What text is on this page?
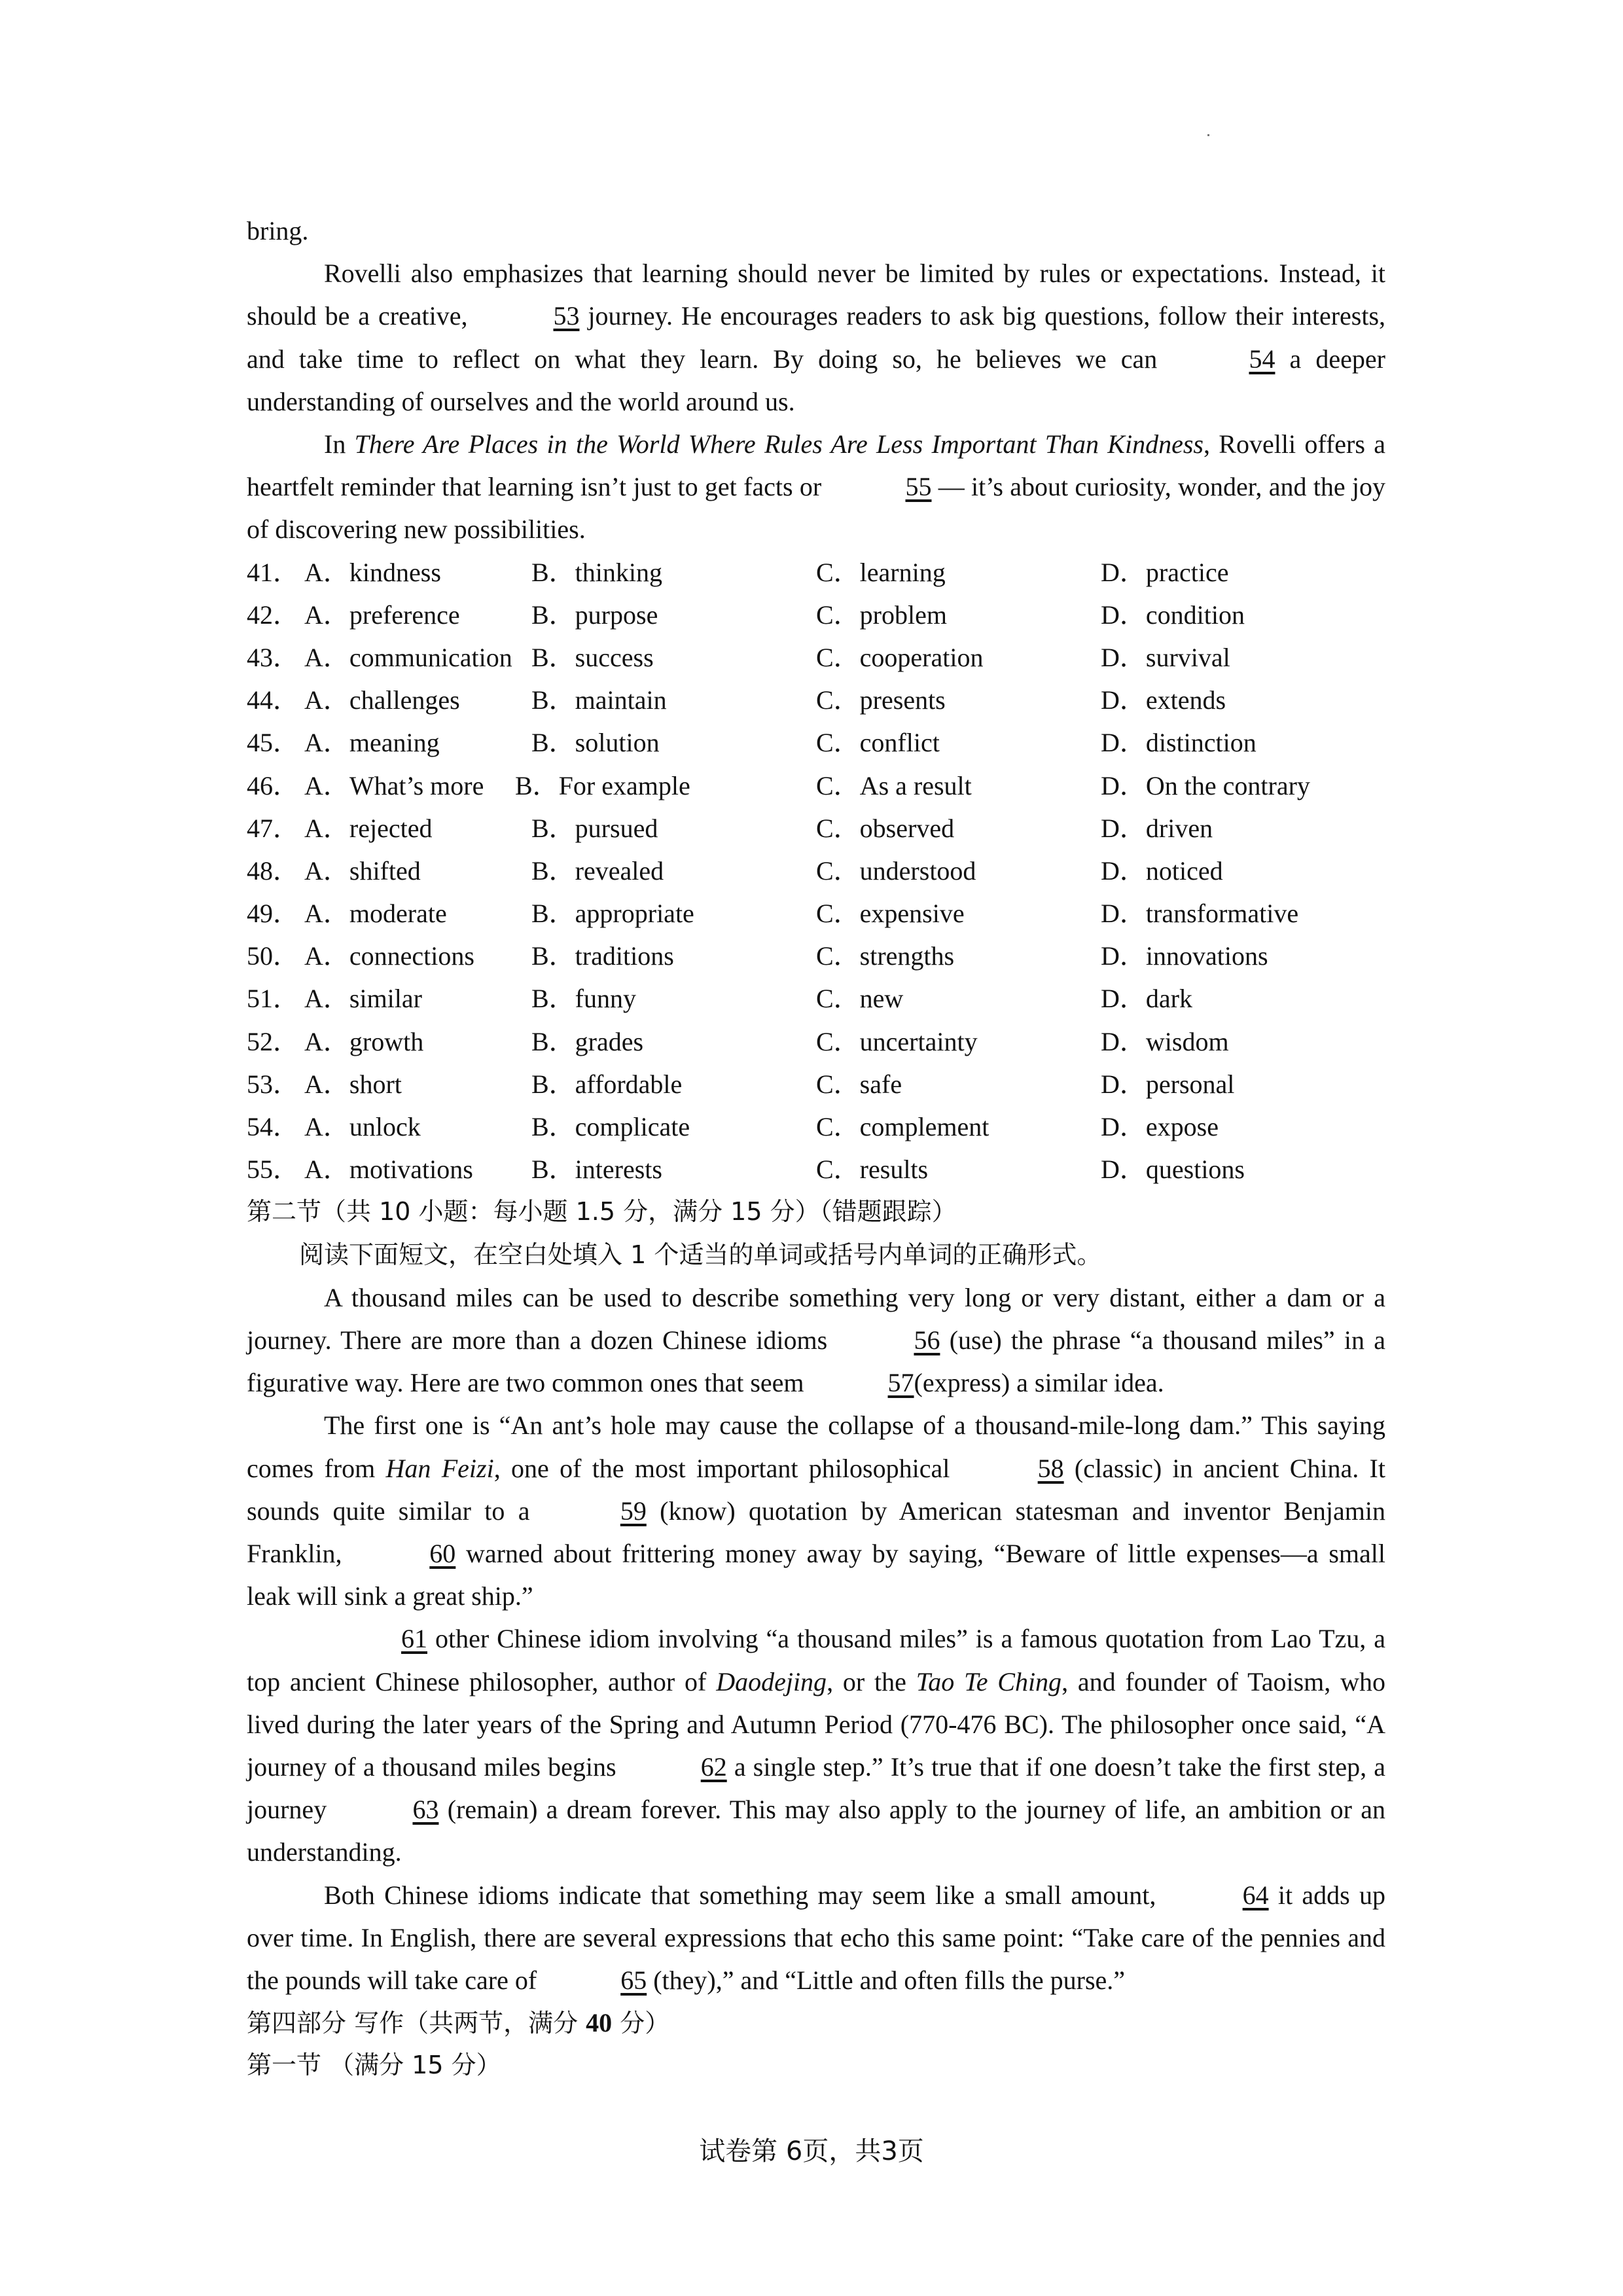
bring.
Rovelli also emphasizes that learning should never be limited by rules or expectations. Instead, it should be a creative,	53 journey. He encourages readers to ask big questions, follow their interests, and take time to reflect on what they learn. By doing so, he believes we can	54 a deeper understanding of ourselves and the world around us.
In There Are Places in the World Where Rules Are Less Important Than Kindness, Rovelli offers a heartfelt reminder that learning isn’t just to get facts or	55 — it’s about curiosity, wonder, and the joy of discovering new possibilities.
41． A．kindness	B．thinking	C．learning	D．practice
42． A．preference	B．purpose	C．problem	D．condition
43． A．communication B．success	C．cooperation	D．survival
44． A．challenges	B．maintain	C．presents	D．extends
45． A．meaning	B．solution	C．conflict	D．distinction
46． A．What’s more B．For example	C．As a result	D．On the contrary
47． A．rejected	B．pursued	C．observed	D．driven
48． A．shifted	B．revealed	C．understood	D．noticed
49． A．moderate	B．appropriate	C．expensive	D．transformative
50． A．connections B．traditions	C．strengths	D．innovations
51． A．similar	B．funny	C．new	D．dark
52． A．growth	B．grades	C．uncertainty	D．wisdom
53． A．short	B．affordable	C．safe	D．personal
54． A．unlock	B．complicate	C．complement	D．expose
55． A．motivations B．interests	C．results	D．questions
第二节（共 10 小题：每小题 1.5 分，满分 15 分）（错题跟踪）
阅读下面短文，在空白处填入 1 个适当的单词或括号内单词的正确形式。
A thousand miles can be used to describe something very long or very distant, either a dam or a journey. There are more than a dozen Chinese idioms	56 (use) the phrase “a thousand miles” in a figurative way. Here are two common ones that seem	57(express) a similar idea.
The first one is “An ant’s hole may cause the collapse of a thousand-mile-long dam.” This saying comes from Han Feizi, one of the most important philosophical	58 (classic) in ancient China. It sounds quite similar to a	59 (know) quotation by American statesman and inventor Benjamin Franklin,	60 warned about frittering money away by saying, “Beware of little expenses—a small leak will sink a great ship.”
61 other Chinese idiom involving “a thousand miles” is a famous quotation from Lao Tzu, a top ancient Chinese philosopher, author of Daodejing, or the Tao Te Ching, and founder of Taoism, who lived during the later years of the Spring and Autumn Period (770-476 BC). The philosopher once said, “A journey of a thousand miles begins	62 a single step.” It’s true that if one doesn’t take the first step, a journey	63 (remain) a dream forever. This may also apply to the journey of life, an ambition or an understanding.
Both Chinese idioms indicate that something may seem like a small amount,	64 it adds up over time. In English, there are several expressions that echo this same point: “Take care of the pennies and the pounds will take care of	65 (they),” and “Little and often fills the purse.”
第四部分 写作（共两节，满分 40 分）
第一节 （满分 15 分）
试卷第 6页，共3页
